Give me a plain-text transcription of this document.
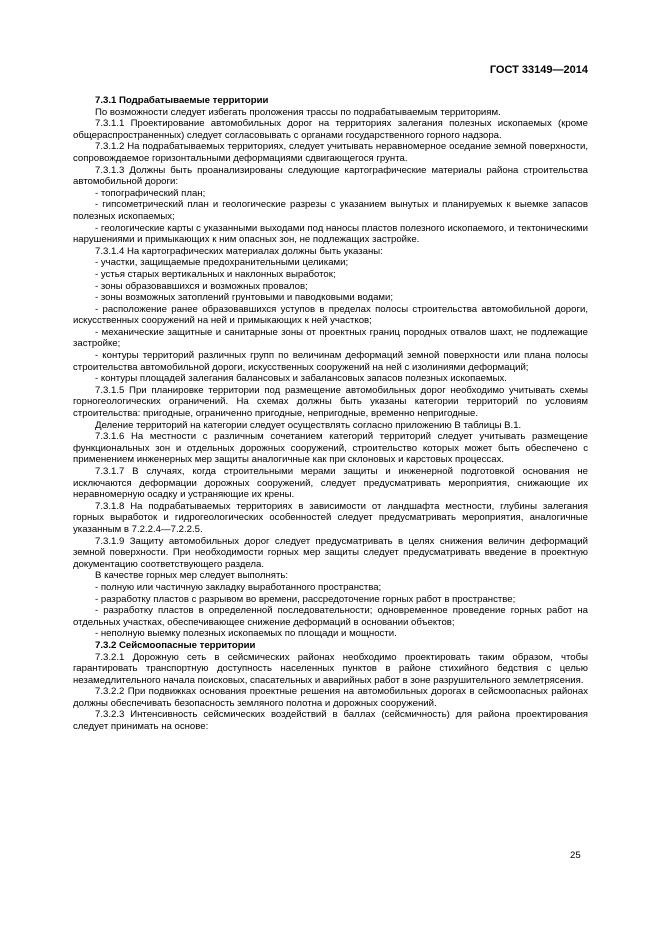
ГОСТ 33149—2014

7.3.1 Подрабатываемые территории

По возможности следует избегать проложения трассы по подрабатываемым территориям.

7.3.1.1 Проектирование автомобильных дорог на территориях залегания полезных ископаемых (кроме общераспространенных) следует согласовывать с органами государственного горного надзора.

7.3.1.2 На подрабатываемых территориях, следует учитывать неравномерное оседание земной поверхности, сопровождаемое горизонтальными деформациями сдвигающегося грунта.

7.3.1.3 Должны быть проанализированы следующие картографические материалы района строительства автомобильной дороги:

- топографический план;

- гипсометрический план и геологические разрезы с указанием вынутых и планируемых к выемке запасов полезных ископаемых;

- геологические карты с указанными выходами под наносы пластов полезного ископаемого, и тектоническими нарушениями и примыкающих к ним опасных зон, не подлежащих застройке.

7.3.1.4 На картографических материалах должны быть указаны:

- участки, защищаемые предохранительными целиками;

- устья старых вертикальных и наклонных выработок;

- зоны образовавшихся и возможных провалов;

- зоны возможных затоплений грунтовыми и паводковыми водами;

- расположение ранее образовавшихся уступов в пределах полосы строительства автомобильной дороги, искусственных сооружений на ней и примыкающих к ней участков;

- механические защитные и санитарные зоны от проектных границ породных отвалов шахт, не подлежащие застройке;

- контуры территорий различных групп по величинам деформаций земной поверхности или плана полосы строительства автомобильной дороги, искусственных сооружений на ней с изолиниями деформаций;

- контуры площадей залегания балансовых и забалансовых запасов полезных ископаемых.

7.3.1.5 При планировке территории под размещение автомобильных дорог необходимо учитывать схемы горногеологических ограничений. На схемах должны быть указаны категории территорий по условиям строительства: пригодные, ограниченно пригодные, непригодные, временно непригодные.

Деление территорий на категории следует осуществлять согласно приложению В таблицы В.1.

7.3.1.6 На местности с различным сочетанием категорий территорий следует учитывать размещение функциональных зон и отдельных дорожных сооружений, строительство которых может быть обеспечено с применением инженерных мер защиты аналогичные как при склоновых и карстовых процессах.

7.3.1.7 В случаях, когда строительными мерами защиты и инженерной подготовкой основания не исключаются деформации дорожных сооружений, следует предусматривать мероприятия, снижающие их неравномерную осадку и устраняющие их крены.

7.3.1.8 На подрабатываемых территориях в зависимости от ландшафта местности, глубины залегания горных выработок и гидрогеологических особенностей следует предусматривать мероприятия, аналогичные указанным в 7.2.2.4—7.2.2.5.

7.3.1.9 Защиту автомобильных дорог следует предусматривать в целях снижения величин деформаций земной поверхности. При необходимости горных мер защиты следует предусматривать введение в проектную документацию соответствующего раздела.

В качестве горных мер следует выполнять:

- полную или частичную закладку выработанного пространства;

- разработку пластов с разрывом во времени, рассредоточение горных работ в пространстве;

- разработку пластов в определенной последовательности; одновременное проведение горных работ на отдельных участках, обеспечивающее снижение деформаций в основании объектов;

- неполную выемку полезных ископаемых по площади и мощности.

7.3.2 Сейсмоопасные территории

7.3.2.1 Дорожную сеть в сейсмических районах необходимо проектировать таким образом, чтобы гарантировать транспортную доступность населенных пунктов в районе стихийного бедствия с целью незамедлительного начала поисковых, спасательных и аварийных работ в зоне разрушительного землетрясения.

7.3.2.2 При подвижках основания проектные решения на автомобильных дорогах в сейсмоопасных районах должны обеспечивать безопасность земляного полотна и дорожных сооружений.

7.3.2.3 Интенсивность сейсмических воздействий в баллах (сейсмичность) для района проектирования следует принимать на основе:

25
